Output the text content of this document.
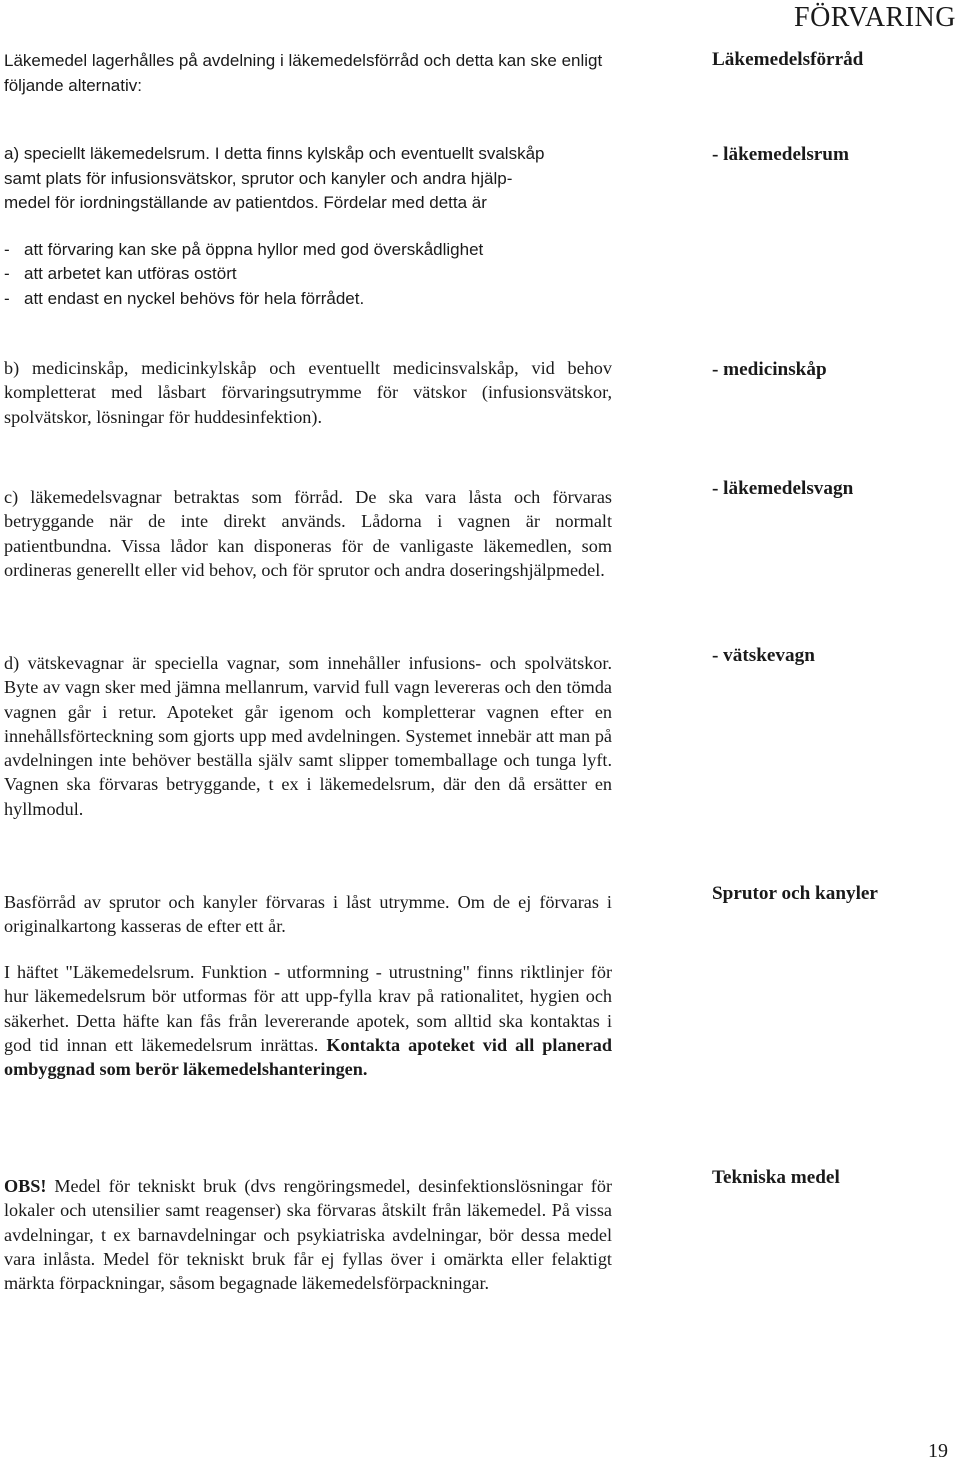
FÖRVARING

Läkemedel lagerhålles på avdelning i läkemedelsförråd och detta kan ske enligt följande alternativ:

Läkemedelsförråd

a) speciellt läkemedelsrum. I detta finns kylskåp och eventuellt svalskåp
samt plats för infusionsvätskor, sprutor och kanyler och andra hjälp-
medel för iordningställande av patientdos. Fördelar med detta är
- att förvaring kan ske på öppna hyllor med god överskådlighet
- att arbetet kan utföras ostört
- att endast en nyckel behövs för hela förrådet.

- läkemedelsrum

b) medicinskåp, medicinkylskåp och eventuellt medicinsvalskåp, vid behov kompletterat med låsbart förvaringsutrymme för vätskor (infusionsvätskor, spolvätskor, lösningar för huddesinfektion).

- medicinskåp

c) läkemedelsvagnar betraktas som förråd. De ska vara låsta och förvaras betryggande när de inte direkt används. Lådorna i vagnen är normalt patientbundna. Vissa lådor kan disponeras för de vanligaste läkemedlen, som ordineras generellt eller vid behov, och för sprutor och andra doseringshjälpmedel.

- läkemedelsvagn

d) vätskevagnar är speciella vagnar, som innehåller infusions- och spolvätskor. Byte av vagn sker med jämna mellanrum, varvid full vagn levereras och den tömda vagnen går i retur. Apoteket går igenom och kompletterar vagnen efter en innehållsförteckning som gjorts upp med avdelningen. Systemet innebär att man på avdelningen inte behöver beställa själv samt slipper tomemballage och tunga lyft. Vagnen ska förvaras betryggande, t ex i läkemedelsrum, där den då ersätter en hyllmodul.

- vätskevagn

Basförråd av sprutor och kanyler förvaras i låst utrymme. Om de ej förvaras i originalkartong kasseras de efter ett år.

Sprutor och kanyler

I häftet "Läkemedelsrum. Funktion - utformning - utrustning" finns riktlinjer för hur läkemedelsrum bör utformas för att upp-fylla krav på rationalitet, hygien och säkerhet. Detta häfte kan fås från levererande apotek, som alltid ska kontaktas i god tid innan ett läkemedelsrum inrättas. Kontakta apoteket vid all planerad ombyggnad som berör läkemedelshanteringen.

OBS! Medel för tekniskt bruk (dvs rengöringsmedel, desinfektionslösningar för lokaler och utensilier samt reagenser) ska förvaras åtskilt från läkemedel. På vissa avdelningar, t ex barnavdelningar och psykiatriska avdelningar, bör dessa medel vara inlåsta. Medel för tekniskt bruk får ej fyllas över i omärkta eller felaktigt märkta förpackningar, såsom begagnade läkemedelsförpackningar.

Tekniska medel

19
